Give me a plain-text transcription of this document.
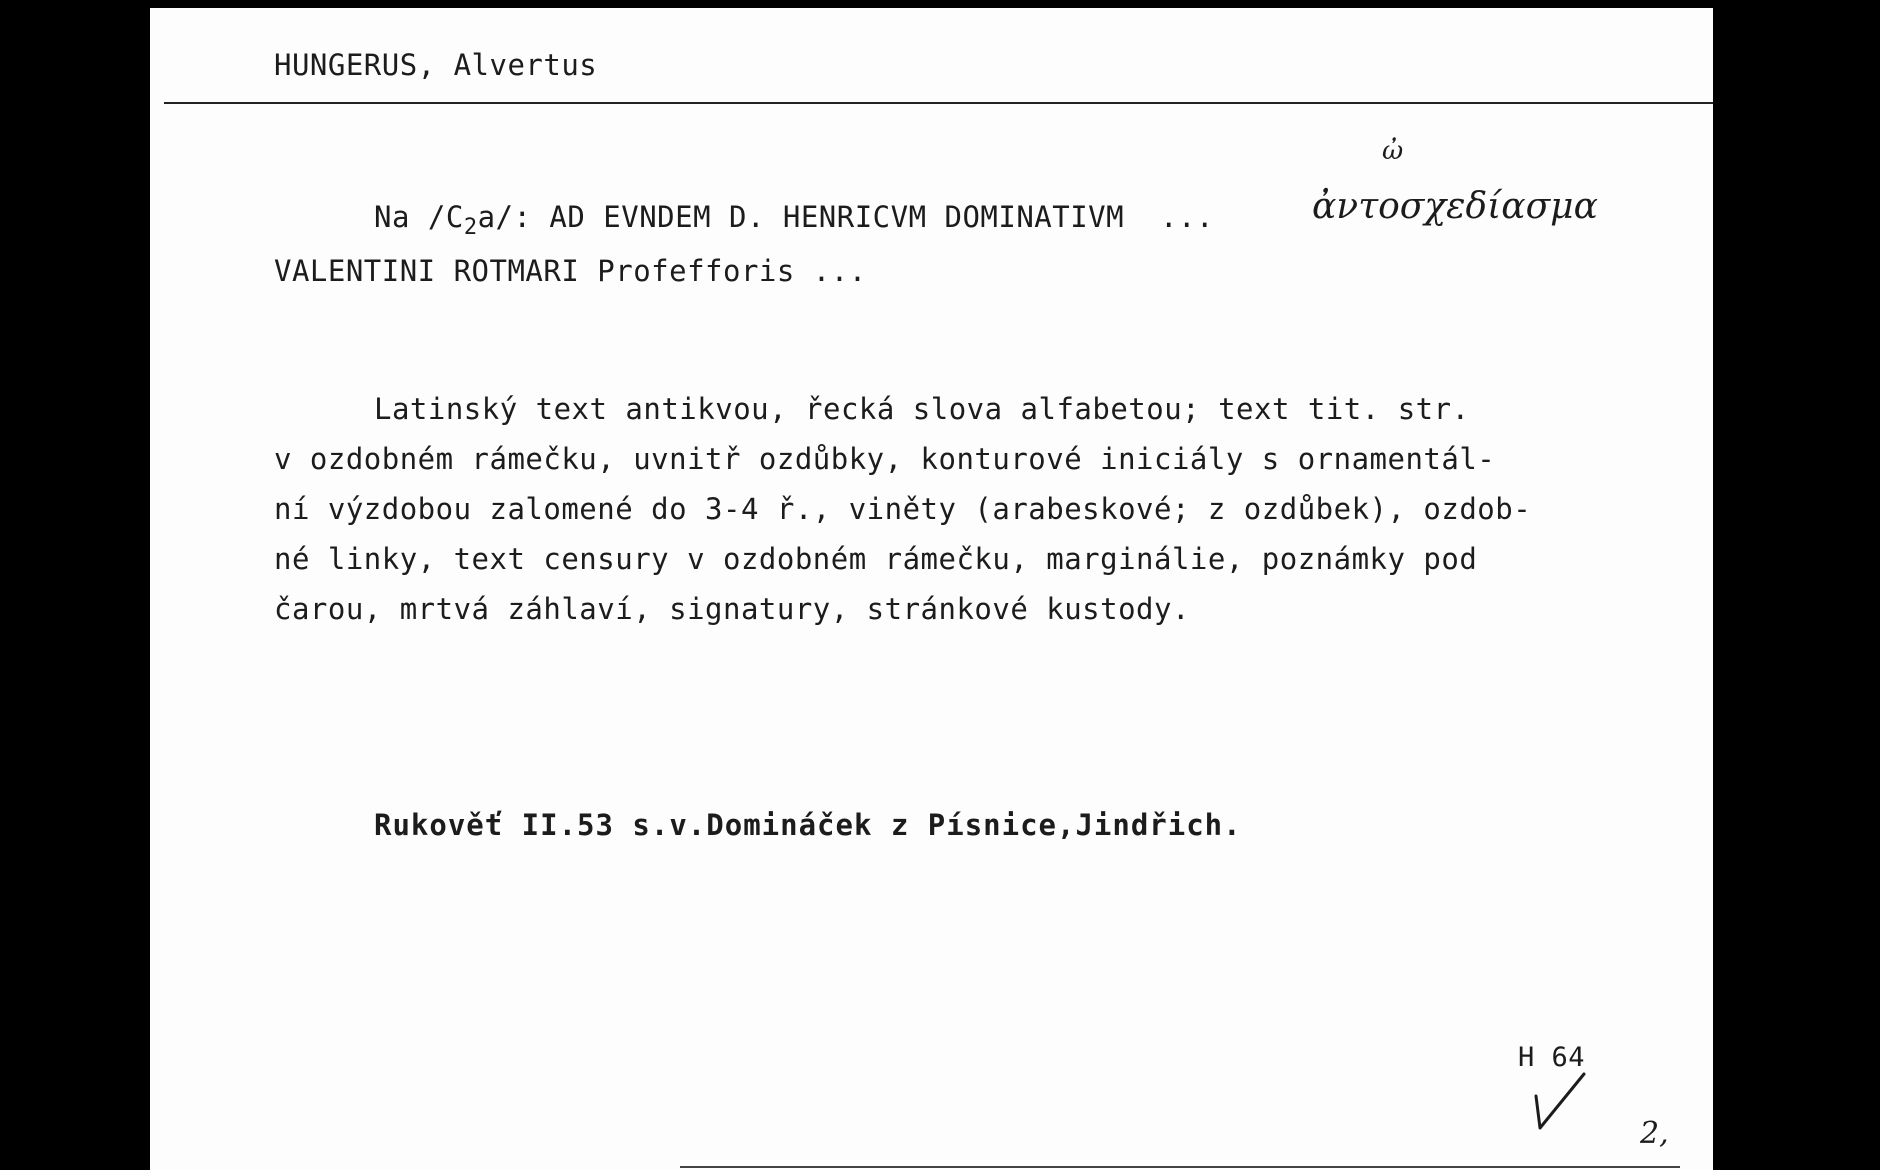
HUNGERUS, Alvertus
Na $/C_2a/$: AD EVNDEM D. HENRICVM DOMINATIVM  ...
ὠ
ἀντοσχεδίασμα
VALENTINI ROTMARI Profefforis ...
Latinský text antikvou, řecká slova alfabetou; text tit. str.
v ozdobném rámečku, uvnitř ozdůbky, konturové iniciály s ornamentál-
ní výzdobou zalomené do 3-4 ř., viněty (arabeskové; z ozdůbek), ozdob-
né linky, text censury v ozdobném rámečku, marginálie, poznámky pod
čarou, mrtvá záhlaví, signatury, stránkové kustody.
Rukověť II.53 s.v.Domináček z Písnice,Jindřich.
H 64
2,
